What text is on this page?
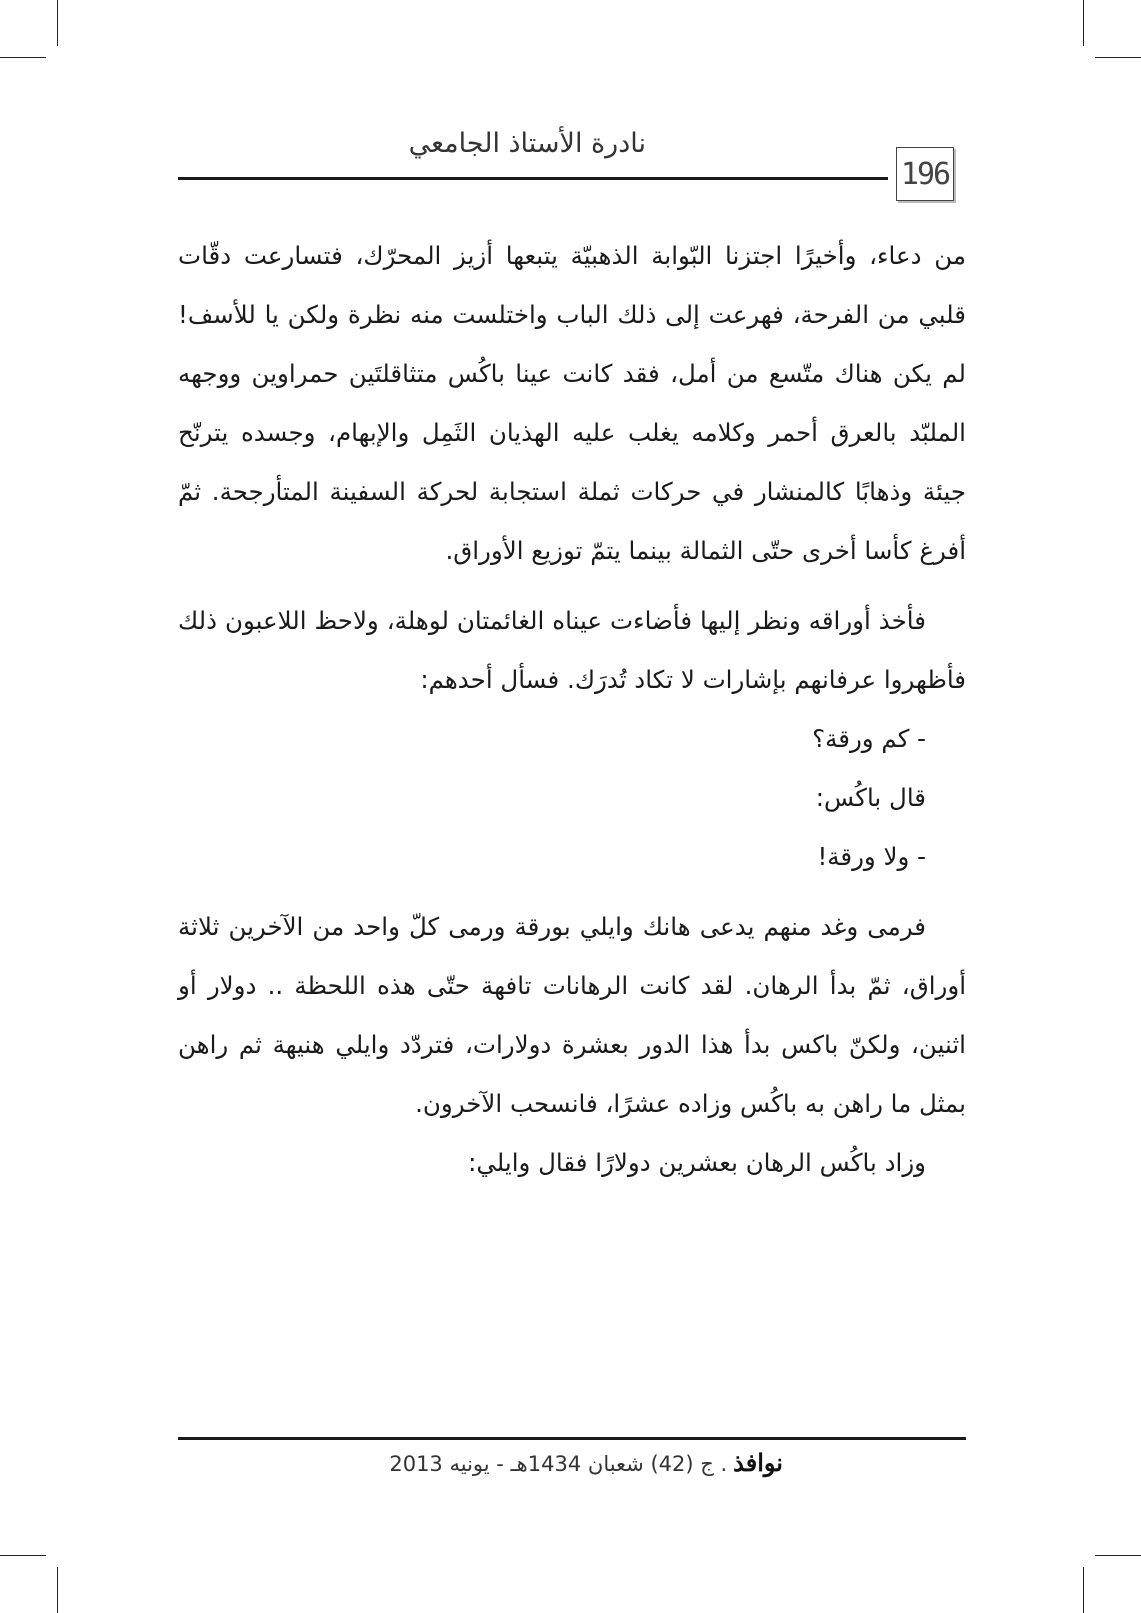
نادرة الأستاذ الجامعي
196

من دعاء، وأخيرًا اجتزنا البّوابة الذهبيّة يتبعها أزيز المحرّك، فتسارعت دقّات قلبي من الفرحة، فهرعت إلى ذلك الباب واختلست منه نظرة ولكن يا للأسف! لم يكن هناك متّسع من أمل، فقد كانت عينا باكُس متثاقلتَين حمراوين ووجهه الملبّد بالعرق أحمر وكلامه يغلب عليه الهذيان الثَمِل والإبهام، وجسده يترنّح جيئة وذهابًا كالمنشار في حركات ثملة استجابة لحركة السفينة المتأرجحة. ثمّ أفرغ كأسا أخرى حتّى الثمالة بينما يتمّ توزيع الأوراق.

فأخذ أوراقه ونظر إليها فأضاءت عيناه الغائمتان لوهلة، ولاحظ اللاعبون ذلك فأظهروا عرفانهم بإشارات لا تكاد تُدرَك. فسأل أحدهم:

- كم ورقة؟

قال باكُس:

- ولا ورقة!

فرمى وغد منهم يدعى هانك وايلي بورقة ورمى كلّ واحد من الآخرين ثلاثة أوراق، ثمّ بدأ الرهان. لقد كانت الرهانات تافهة حتّى هذه اللحظة .. دولار أو اثنين، ولكنّ باكس بدأ هذا الدور بعشرة دولارات، فتردّد وايلي هنيهة ثم راهن بمثل ما راهن به باكُس وزاده عشرًا، فانسحب الآخرون.

وزاد باكُس الرهان بعشرين دولارًا فقال وايلي:

نوافذ
. ج (42) شعبان 1434هـ - يونيه 2013
